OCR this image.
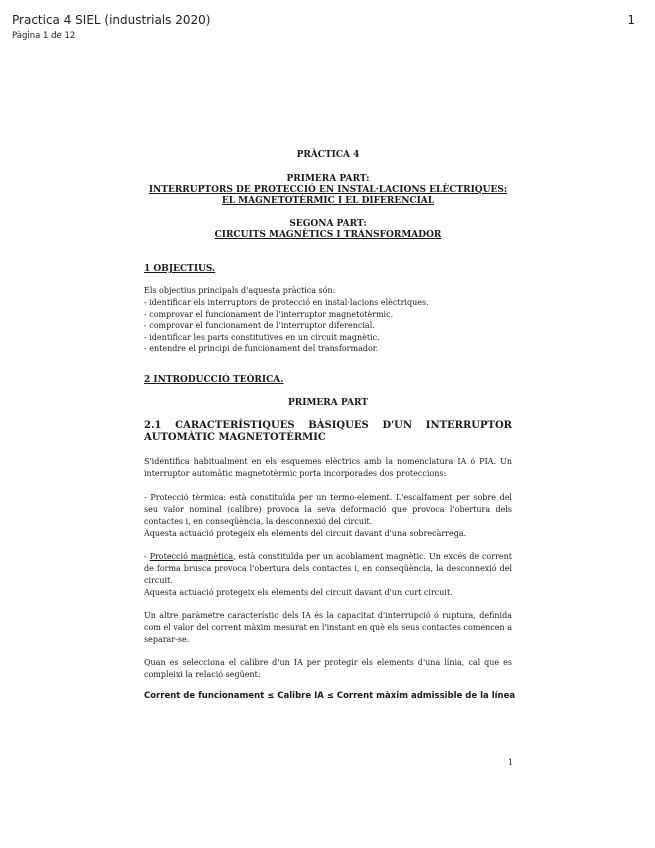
Practica 4 SIEL (industrials 2020)
Pàgina 1 de 12
1

PRÀCTICA 4

PRIMERA PART:

INTERRUPTORS DE PROTECCIÓ EN INSTAL·LACIONS ELÈCTRIQUES:

EL MAGNETOTÈRMIC I EL DIFERENCIAL

SEGONA PART:

CIRCUITS MAGNÈTICS I TRANSFORMADOR

1 OBJECTIUS.

Els objectius principals d'aquesta pràctica són:

- identificar els interruptors de protecció en instal·lacions elèctriques.
- comprovar el funcionament de l'interruptor magnetotèrmic.
- comprovar el funcionament de l'interruptor diferencial.
- identificar les parts constitutives en un circuit magnètic.
- entendre el principi de funcionament del transformador.

2 INTRODUCCIÓ TEÒRICA.

PRIMERA PART

2.1 CARACTERÍSTIQUES BÀSIQUES D'UN INTERRUPTOR AUTOMÀTIC MAGNETOTÈRMIC

S'identifica habitualment en els esquemes elèctrics amb la nomenclatura IA ó PIA. Un interruptor automàtic magnetotèrmic porta incorporades dos proteccions:

- Protecció tèrmica: està constituïda per un termo-element. L'escalfament per sobre del seu valor nominal (calibre) provoca la seva deformació que provoca l'obertura dels contactes i, en conseqüència, la desconnexió del circuit.

Aquesta actuació protegeix els elements del circuit davant d'una sobrecàrrega.

- Protecció magnètica, està constituïda per un acoblament magnètic. Un excés de corrent de forma brusca provoca l'obertura dels contactes i, en conseqüència, la desconnexió del circuit.

Aquesta actuació protegeix els elements del circuit davant d'un curt circuit.

Un altre paràmetre característic dels IA és la capacitat d'interrupció ó ruptura, definida com el valor del corrent màxim mesurat en l'instant en què els seus contactes comencen a separar-se.

Quan es selecciona el calibre d'un IA per protegir els elements d'una línia, cal que es compleixi la relació següent:

Corrent de funcionament ≤ Calibre IA ≤ Corrent màxim admissible de la línea

1
